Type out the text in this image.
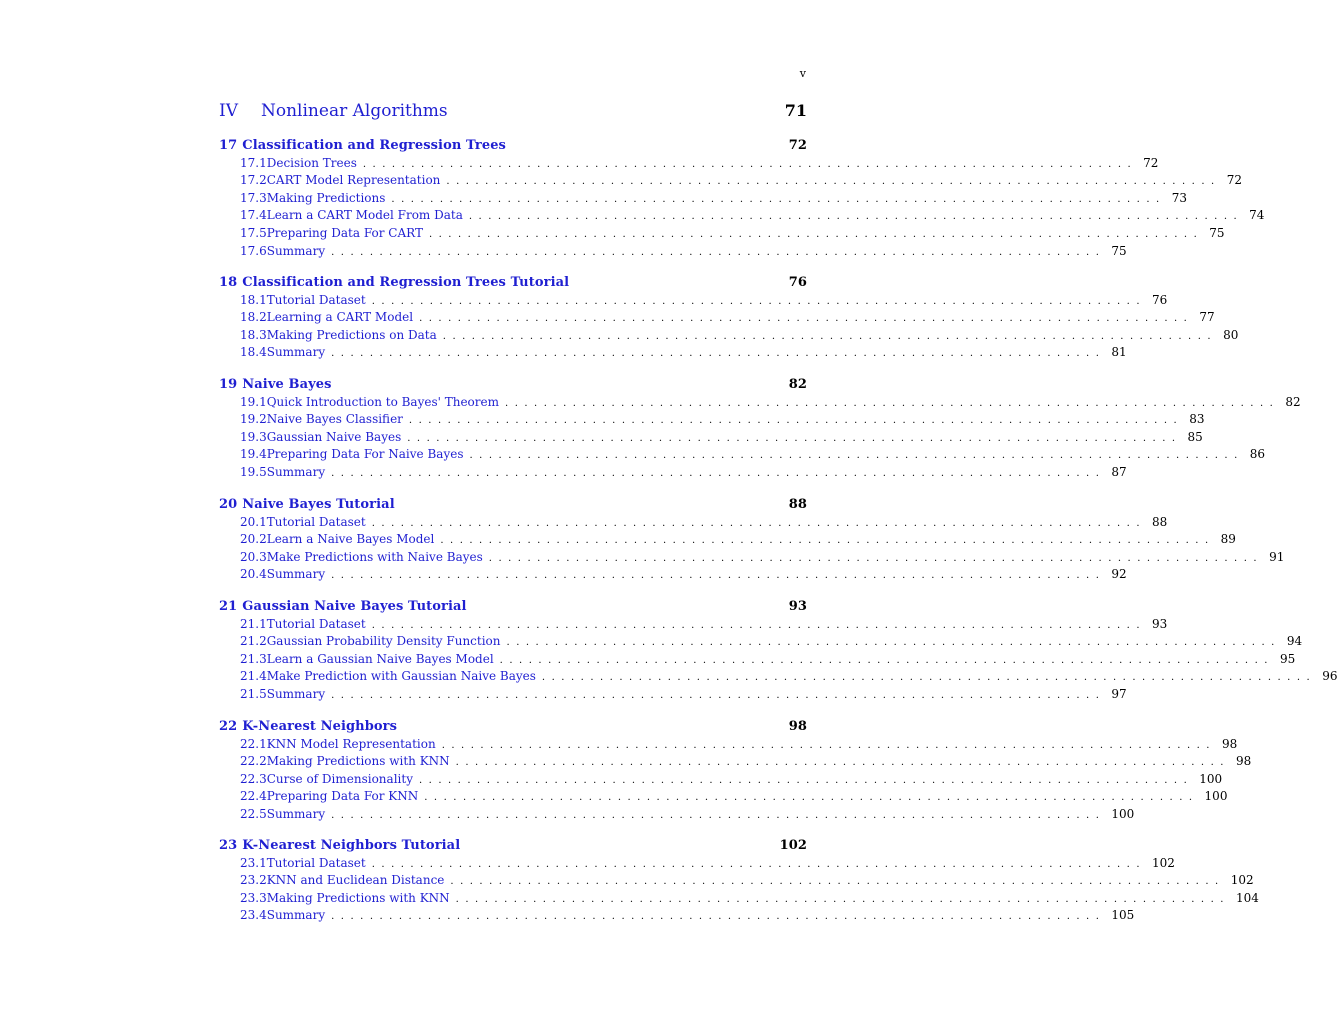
v
IV	Nonlinear Algorithms	71
17 Classification and Regression Trees	72
17.1 Decision Trees ................................................................................ 72
17.2 CART Model Representation ................................................................................ 72
17.3 Making Predictions ................................................................................ 73
17.4 Learn a CART Model From Data ................................................................................ 74
17.5 Preparing Data For CART ................................................................................ 75
17.6 Summary ................................................................................ 75
18 Classification and Regression Trees Tutorial	76
18.1 Tutorial Dataset ................................................................................ 76
18.2 Learning a CART Model ................................................................................ 77
18.3 Making Predictions on Data ................................................................................ 80
18.4 Summary ................................................................................ 81
19 Naive Bayes	82
19.1 Quick Introduction to Bayes' Theorem ................................................................................ 82
19.2 Naive Bayes Classifier ................................................................................ 83
19.3 Gaussian Naive Bayes ................................................................................ 85
19.4 Preparing Data For Naive Bayes ................................................................................ 86
19.5 Summary ................................................................................ 87
20 Naive Bayes Tutorial	88
20.1 Tutorial Dataset ................................................................................ 88
20.2 Learn a Naive Bayes Model ................................................................................ 89
20.3 Make Predictions with Naive Bayes ................................................................................ 91
20.4 Summary ................................................................................ 92
21 Gaussian Naive Bayes Tutorial	93
21.1 Tutorial Dataset ................................................................................ 93
21.2 Gaussian Probability Density Function ................................................................................ 94
21.3 Learn a Gaussian Naive Bayes Model ................................................................................ 95
21.4 Make Prediction with Gaussian Naive Bayes ................................................................................ 96
21.5 Summary ................................................................................ 97
22 K-Nearest Neighbors	98
22.1 KNN Model Representation ................................................................................ 98
22.2 Making Predictions with KNN ................................................................................ 98
22.3 Curse of Dimensionality ................................................................................ 100
22.4 Preparing Data For KNN ................................................................................ 100
22.5 Summary ................................................................................ 100
23 K-Nearest Neighbors Tutorial	102
23.1 Tutorial Dataset ................................................................................ 102
23.2 KNN and Euclidean Distance ................................................................................ 102
23.3 Making Predictions with KNN ................................................................................ 104
23.4 Summary ................................................................................ 105
